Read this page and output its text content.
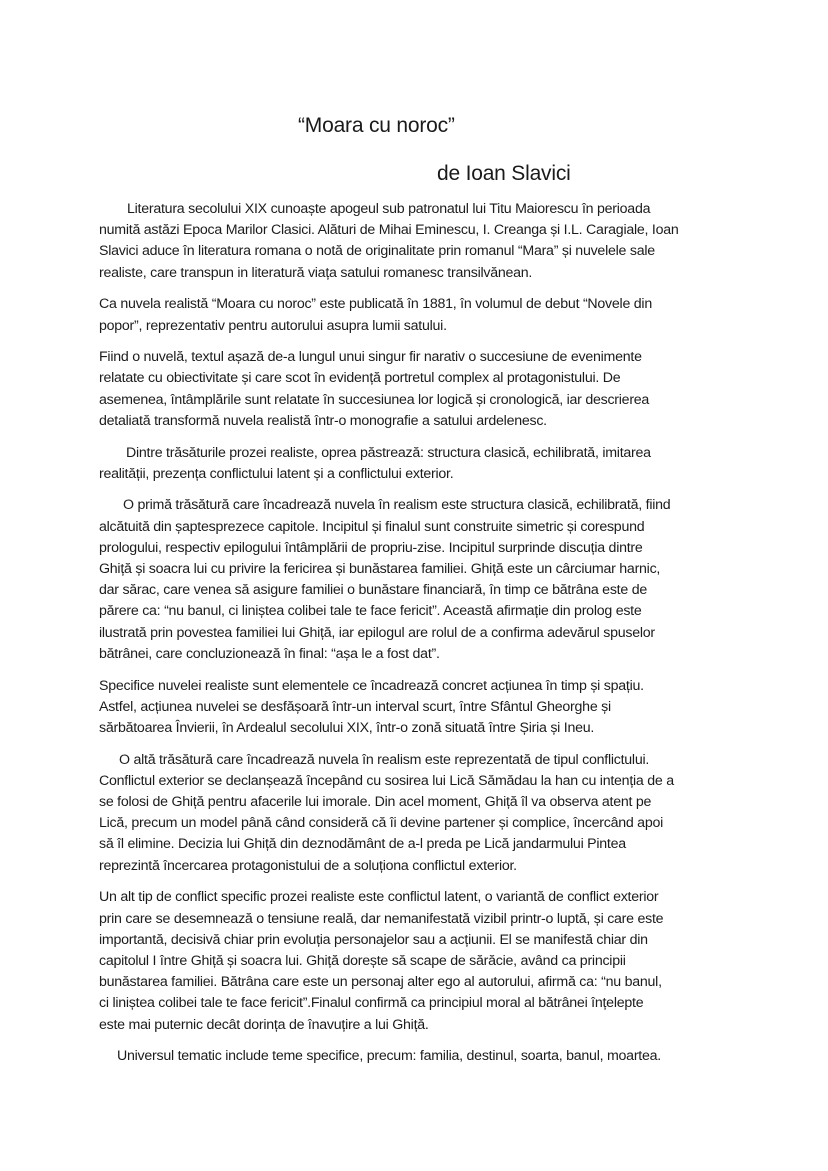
“Moara cu noroc”
de Ioan Slavici

Literatura secolului XIX cunoaște apogeul sub patronatul lui Titu Maiorescu în perioada
numită astăzi Epoca Marilor Clasici. Alături de Mihai Eminescu, I. Creanga și I.L. Caragiale, Ioan
Slavici aduce în literatura romana o notă de originalitate prin romanul “Mara” și nuvelele sale
realiste, care transpun in literatură viața satului romanesc transilvănean.

Ca nuvela realistă “Moara cu noroc” este publicată în 1881, în volumul de debut “Novele din
popor”, reprezentativ pentru autorului asupra lumii satului.

Fiind o nuvelă, textul așază de-a lungul unui singur fir narativ o succesiune de evenimente
relatate cu obiectivitate și care scot în evidență portretul complex al protagonistului. De
asemenea, întâmplările sunt relatate în succesiunea lor logică și cronologică, iar descrierea
detaliată transformă nuvela realistă într-o monografie a satului ardelenesc.

Dintre trăsăturile prozei realiste, oprea păstrează: structura clasică, echilibrată, imitarea
realității, prezența conflictului latent și a conflictului exterior.

O primă trăsătură care încadrează nuvela în realism este structura clasică, echilibrată, fiind
alcătuită din șaptesprezece capitole. Incipitul și finalul sunt construite simetric și corespund
prologului, respectiv epilogului întâmplării de propriu-zise. Incipitul surprinde discuția dintre
Ghiță și soacra lui cu privire la fericirea și bunăstarea familiei. Ghiță este un cârciumar harnic,
dar sărac, care venea să asigure familiei o bunăstare financiară, în timp ce bătrâna este de
părere ca: “nu banul, ci liniștea colibei tale te face fericit”. Această afirmație din prolog este
ilustrată prin povestea familiei lui Ghiță, iar epilogul are rolul de a confirma adevărul spuselor
bătrânei, care concluzionează în final: “așa le a fost dat”.

Specifice nuvelei realiste sunt elementele ce încadrează concret acțiunea în timp și spațiu.
Astfel, acțiunea nuvelei se desfășoară într-un interval scurt, între Sfântul Gheorghe și
sărbătoarea Învierii, în Ardealul secolului XIX, într-o zonă situată între Șiria și Ineu.

O altă trăsătură care încadrează nuvela în realism este reprezentată de tipul conflictului.
Conflictul exterior se declanșează începând cu sosirea lui Lică Sămădau la han cu intenția de a
se folosi de Ghiță pentru afacerile lui imorale. Din acel moment, Ghiță îl va observa atent pe
Lică, precum un model până când consideră că îi devine partener și complice, încercând apoi
să îl elimine. Decizia lui Ghiță din deznodământ de a-l preda pe Lică jandarmului Pintea
reprezintă încercarea protagonistului de a soluționa conflictul exterior.

Un alt tip de conflict specific prozei realiste este conflictul latent, o variantă de conflict exterior
prin care se desemnează o tensiune reală, dar nemanifestată vizibil printr-o luptă, și care este
importantă, decisivă chiar prin evoluția personajelor sau a acțiunii. El se manifestă chiar din
capitolul I între Ghiță și soacra lui. Ghiță dorește să scape de sărăcie, având ca principii
bunăstarea familiei. Bătrâna care este un personaj alter ego al autorului, afirmă ca: “nu banul,
ci liniștea colibei tale te face fericit”.Finalul confirmă ca principiul moral al bătrânei înțelepte
este mai puternic decât dorința de înavuțire a lui Ghiță.

Universul tematic include teme specifice, precum: familia, destinul, soarta, banul, moartea.
